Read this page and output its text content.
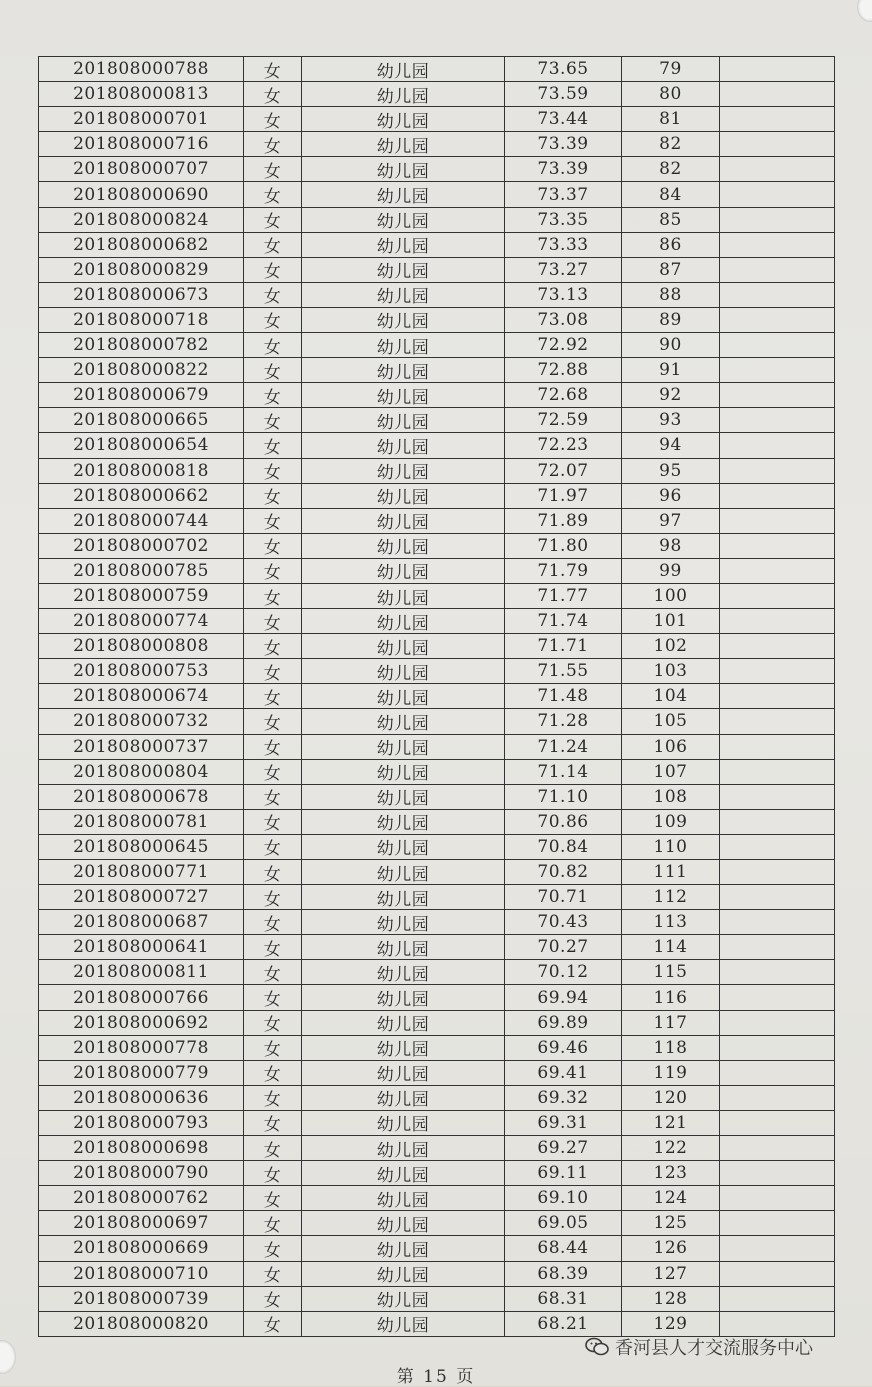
201808000788	女	幼儿园	73.65	79
201808000813	女	幼儿园	73.59	80
201808000701	女	幼儿园	73.44	81
201808000716	女	幼儿园	73.39	82
201808000707	女	幼儿园	73.39	82
201808000690	女	幼儿园	73.37	84
201808000824	女	幼儿园	73.35	85
201808000682	女	幼儿园	73.33	86
201808000829	女	幼儿园	73.27	87
201808000673	女	幼儿园	73.13	88
201808000718	女	幼儿园	73.08	89
201808000782	女	幼儿园	72.92	90
201808000822	女	幼儿园	72.88	91
201808000679	女	幼儿园	72.68	92
201808000665	女	幼儿园	72.59	93
201808000654	女	幼儿园	72.23	94
201808000818	女	幼儿园	72.07	95
201808000662	女	幼儿园	71.97	96
201808000744	女	幼儿园	71.89	97
201808000702	女	幼儿园	71.80	98
201808000785	女	幼儿园	71.79	99
201808000759	女	幼儿园	71.77	100
201808000774	女	幼儿园	71.74	101
201808000808	女	幼儿园	71.71	102
201808000753	女	幼儿园	71.55	103
201808000674	女	幼儿园	71.48	104
201808000732	女	幼儿园	71.28	105
201808000737	女	幼儿园	71.24	106
201808000804	女	幼儿园	71.14	107
201808000678	女	幼儿园	71.10	108
201808000781	女	幼儿园	70.86	109
201808000645	女	幼儿园	70.84	110
201808000771	女	幼儿园	70.82	111
201808000727	女	幼儿园	70.71	112
201808000687	女	幼儿园	70.43	113
201808000641	女	幼儿园	70.27	114
201808000811	女	幼儿园	70.12	115
201808000766	女	幼儿园	69.94	116
201808000692	女	幼儿园	69.89	117
201808000778	女	幼儿园	69.46	118
201808000779	女	幼儿园	69.41	119
201808000636	女	幼儿园	69.32	120
201808000793	女	幼儿园	69.31	121
201808000698	女	幼儿园	69.27	122
201808000790	女	幼儿园	69.11	123
201808000762	女	幼儿园	69.10	124
201808000697	女	幼儿园	69.05	125
201808000669	女	幼儿园	68.44	126
201808000710	女	幼儿园	68.39	127
201808000739	女	幼儿园	68.31	128
201808000820	女	幼儿园	68.21	129
香河县人才交流服务中心
第 15 页
